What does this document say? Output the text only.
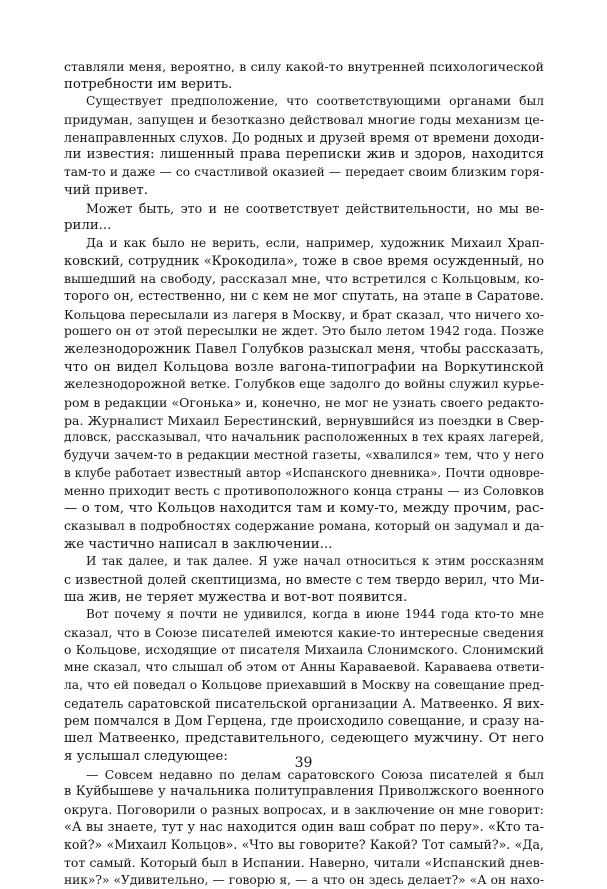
ставляли меня, вероятно, в силу какой-то внутренней психологической
потребности им верить.
Существует предположение, что соответствующими органами был
придуман, запущен и безотказно действовал многие годы механизм це-
ленаправленных слухов. До родных и друзей время от времени доходи-
ли известия: лишенный права переписки жив и здоров, находится
там-то и даже — со счастливой оказией — передает своим близким горя-
чий привет.
Может быть, это и не соответствует действительности, но мы ве-
рили...
Да и как было не верить, если, например, художник Михаил Храп-
ковский, сотрудник «Крокодила», тоже в свое время осужденный, но
вышедший на свободу, рассказал мне, что встретился с Кольцовым, ко-
торого он, естественно, ни с кем не мог спутать, на этапе в Саратове.
Кольцова пересылали из лагеря в Москву, и брат сказал, что ничего хо-
рошего он от этой пересылки не ждет. Это было летом 1942 года. Позже
железнодорожник Павел Голубков разыскал меня, чтобы рассказать,
что он видел Кольцова возле вагона-типографии на Воркутинской
железнодорожной ветке. Голубков еще задолго до войны служил курье-
ром в редакции «Огонька» и, конечно, не мог не узнать своего редакто-
ра. Журналист Михаил Берестинский, вернувшийся из поездки в Свер-
дловск, рассказывал, что начальник расположенных в тех краях лагерей,
будучи зачем-то в редакции местной газеты, «хвалился» тем, что у него
в клубе работает известный автор «Испанского дневника». Почти одновре-
менно приходит весть с противоположного конца страны — из Соловков
— о том, что Кольцов находится там и кому-то, между прочим, рас-
сказывал в подробностях содержание романа, который он задумал и да-
же частично написал в заключении...
И так далее, и так далее. Я уже начал относиться к этим россказням
с известной долей скептицизма, но вместе с тем твердо верил, что Ми-
ша жив, не теряет мужества и вот-вот появится.
Вот почему я почти не удивился, когда в июне 1944 года кто-то мне
сказал, что в Союзе писателей имеются какие-то интересные сведения
о Кольцове, исходящие от писателя Михаила Слонимского. Слонимский
мне сказал, что слышал об этом от Анны Караваевой. Караваева ответи-
ла, что ей поведал о Кольцове приехавший в Москву на совещание пред-
седатель саратовской писательской организации А. Матвеенко. Я вих-
рем помчался в Дом Герцена, где происходило совещание, и сразу на-
шел Матвеенко, представительного, седеющего мужчину. От него
я услышал следующее:
— Совсем недавно по делам саратовского Союза писателей я был
в Куйбышеве у начальника политуправления Приволжского военного
округа. Поговорили о разных вопросах, и в заключение он мне говорит:
«А вы знаете, тут у нас находится один ваш собрат по перу». «Кто та-
кой?» «Михаил Кольцов». «Что вы говорите? Какой? Тот самый?». «Да,
тот самый. Который был в Испании. Наверно, читали «Испанский днев-
ник»?» «Удивительно, — говорю я, — а что он здесь делает?» «А он нахо-
39
